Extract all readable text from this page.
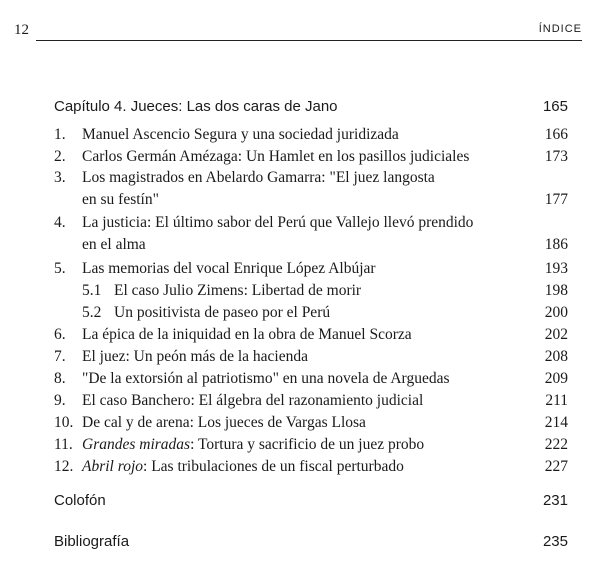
12	ÍNDICE
Capítulo 4. Jueces: Las dos caras de Jano	165
1. Manuel Ascencio Segura y una sociedad juridizada	166
2. Carlos Germán Amézaga: Un Hamlet en los pasillos judiciales	173
3. Los magistrados en Abelardo Gamarra: "El juez langosta
en su festín"	177
4. La justicia: El último sabor del Perú que Vallejo llevó prendido
en el alma	186
5. Las memorias del vocal Enrique López Albújar	193
5.1 El caso Julio Zimens: Libertad de morir	198
5.2 Un positivista de paseo por el Perú	200
6. La épica de la iniquidad en la obra de Manuel Scorza	202
7. El juez: Un peón más de la hacienda	208
8. "De la extorsión al patriotismo" en una novela de Arguedas	209
9. El caso Banchero: El álgebra del razonamiento judicial	211
10. De cal y de arena: Los jueces de Vargas Llosa	214
11. Grandes miradas: Tortura y sacrificio de un juez probo	222
12. Abril rojo: Las tribulaciones de un fiscal perturbado	227
Colofón	231
Bibliografía	235
